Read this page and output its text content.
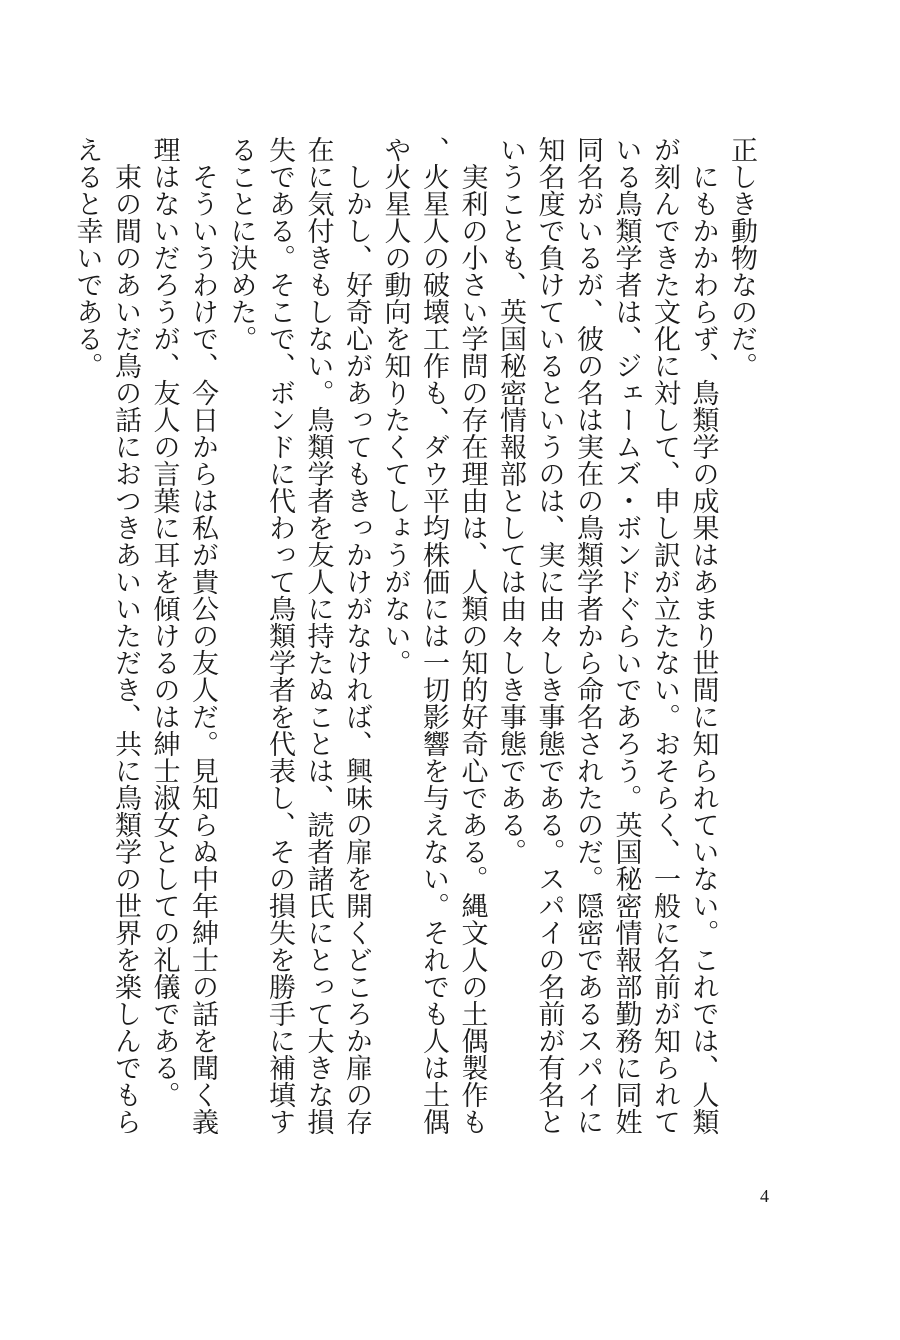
正しき動物なのだ。

にもかかわらず、鳥類学の成果はあまり世間に知られていない。これでは、人類が刻んできた文化に対して、申し訳が立たない。おそらく、一般に名前が知られている鳥類学者は、ジェームズ・ボンドぐらいであろう。英国秘密情報部勤務に同姓同名がいるが、彼の名は実在の鳥類学者から命名されたのだ。隠密であるスパイに知名度で負けているというのは、実に由々しき事態である。スパイの名前が有名ということも、英国秘密情報部としては由々しき事態である。

実利の小さい学問の存在理由は、人類の知的好奇心である。縄文人の土偶製作も、火星人の破壊工作も、ダウ平均株価には一切影響を与えない。それでも人は土偶や火星人の動向を知りたくてしょうがない。

しかし、好奇心があってもきっかけがなければ、興味の扉を開くどころか扉の存在に気付きもしない。鳥類学者を友人に持たぬことは、読者諸氏にとって大きな損失である。そこで、ボンドに代わって鳥類学者を代表し、その損失を勝手に補填することに決めた。

そういうわけで、今日からは私が貴公の友人だ。見知らぬ中年紳士の話を聞く義理はないだろうが、友人の言葉に耳を傾けるのは紳士淑女としての礼儀である。

束の間のあいだ鳥の話におつきあいいただき、共に鳥類学の世界を楽しんでもらえると幸いである。

4
